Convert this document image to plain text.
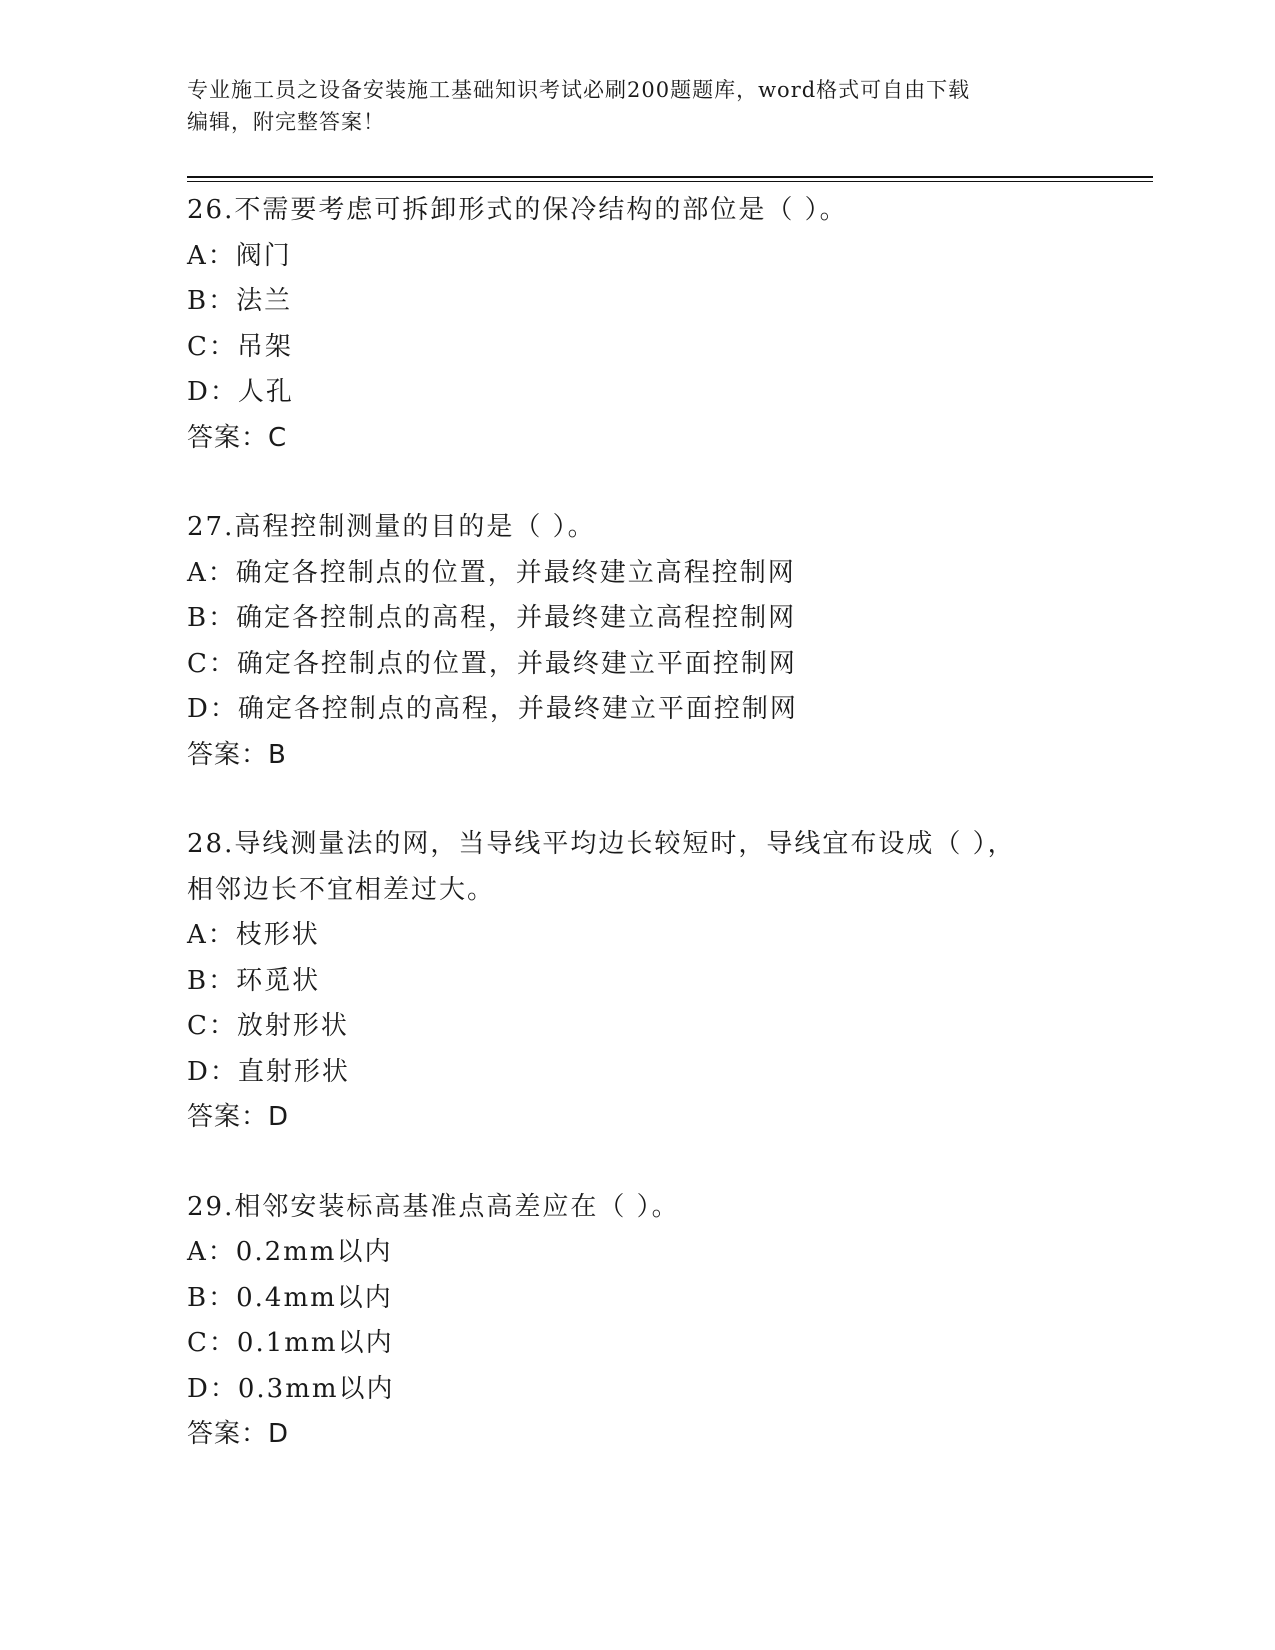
专业施工员之设备安装施工基础知识考试必刷200题题库，word格式可自由下载
编辑，附完整答案！
26.不需要考虑可拆卸形式的保冷结构的部位是（ ）。
A：阀门
B：法兰
C：吊架
D：人孔
答案：C
27.高程控制测量的目的是（ ）。
A：确定各控制点的位置，并最终建立高程控制网
B：确定各控制点的高程，并最终建立高程控制网
C：确定各控制点的位置，并最终建立平面控制网
D：确定各控制点的高程，并最终建立平面控制网
答案：B
28.导线测量法的网，当导线平均边长较短时，导线宜布设成（ ），
相邻边长不宜相差过大。
A：枝形状
B：环觅状
C：放射形状
D：直射形状
答案：D
29.相邻安装标高基准点高差应在（ ）。
A：0.2mm以内
B：0.4mm以内
C：0.1mm以内
D：0.3mm以内
答案：D
